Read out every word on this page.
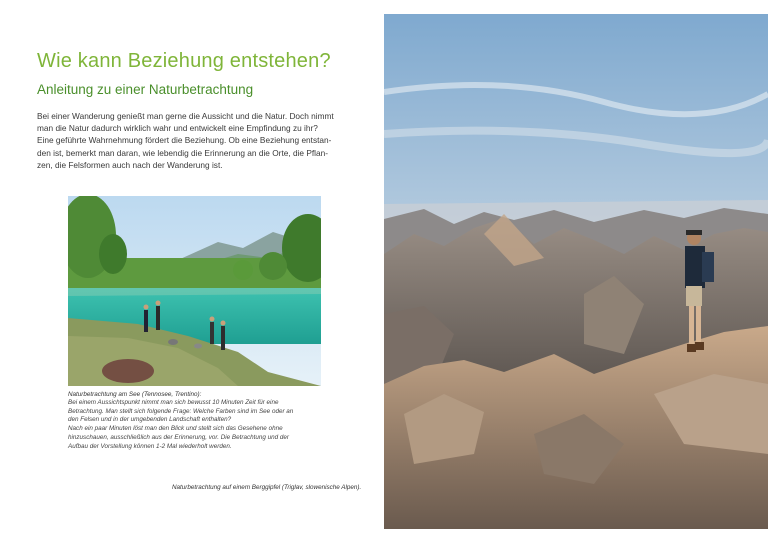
Wie kann Beziehung entstehen?
Anleitung zu einer Naturbetrachtung

Bei einer Wanderung genießt man gerne die Aussicht und die Natur. Doch nimmt
man die Natur dadurch wirklich wahr und entwickelt eine Empfindung zu ihr?
Eine geführte Wahrnehmung fördert die Beziehung. Ob eine Beziehung entstan-
den ist, bemerkt man daran, wie lebendig die Erinnerung an die Orte, die Pflan-
zen, die Felsformen auch nach der Wanderung ist.

Naturbetrachtung am See (Tennosee, Trentino):

Bei einem Aussichtspunkt nimmt man sich bewusst 10 Minuten Zeit für eine
Betrachtung. Man stellt sich folgende Frage: Welche Farben sind im See oder an
den Felsen und in der umgebenden Landschaft enthalten?
Nach ein paar Minuten löst man den Blick und stellt sich das Gesehene ohne
hinzuschauen, ausschließlich aus der Erinnerung, vor. Die Betrachtung und der
Aufbau der Vorstellung können 1-2 Mal wiederholt werden.

Naturbetrachtung auf einem Berggipfel (Triglav, slowenische Alpen).
